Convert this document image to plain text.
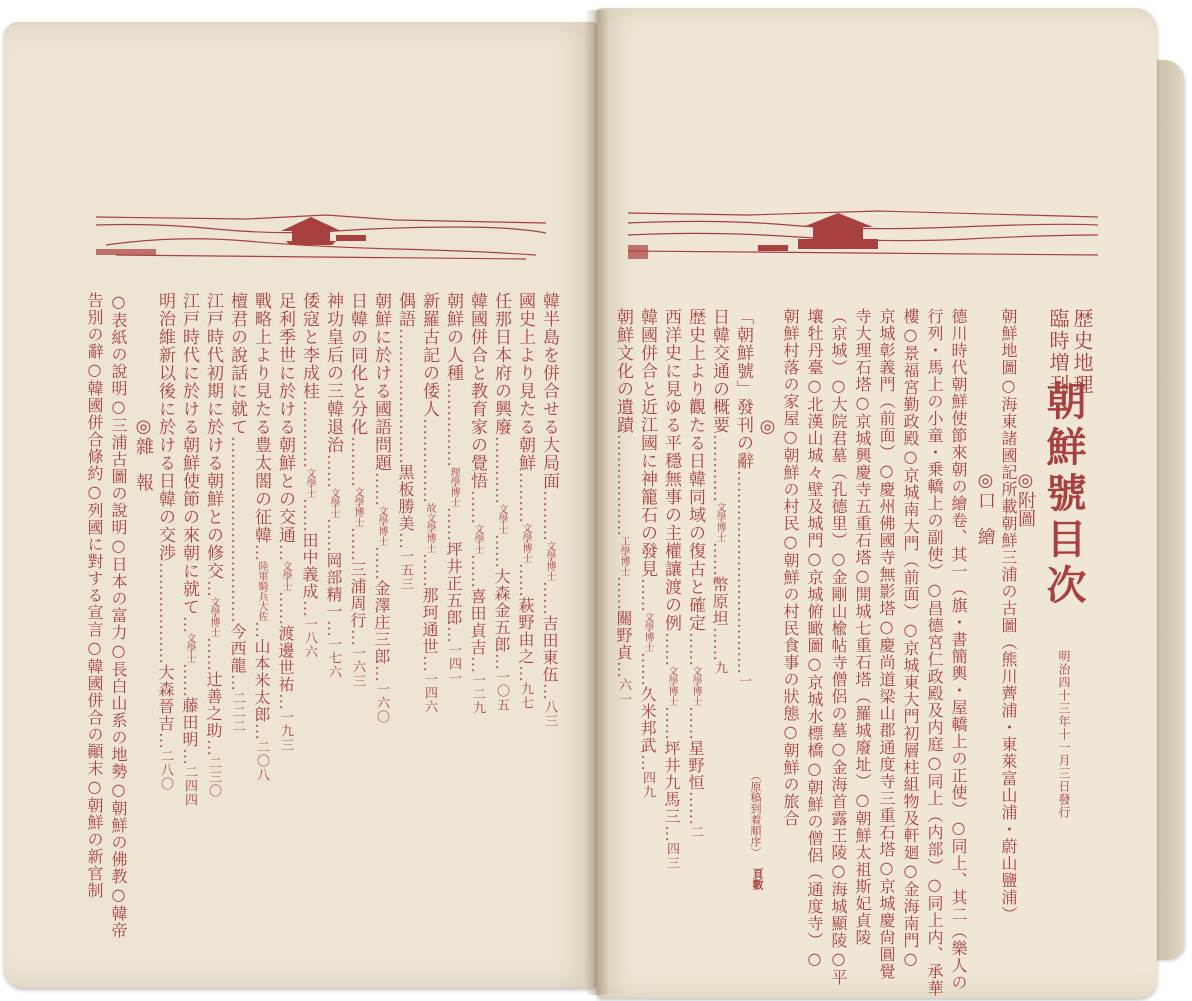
明治四十三年十一月三日發行
歴史地理
臨時増刊
朝鮮號目次
◎附圖
朝鮮地圖○海東諸國記所載朝鮮三浦の古圖（熊川薺浦・東萊富山浦・蔚山鹽浦）
◎口　繪
德川時代朝鮮使節來朝の繪卷、其一（旗・書簡輿・屋轎上の正使）○同上、其二（樂人の
行列・馬上の小童・乗轎上の副使）○昌德宮仁政殿及内庭○同上（内部）○同上内、承華
樓○景福宮勤政殿○京城南大門（前面）○京城東大門初層柱組物及軒廻○金海南門○
京城彰義門（前面）○慶州佛國寺無影塔○慶尚道梁山郡通度寺三重石塔○京城慶尙圓覺
寺大理石塔○京城興慶寺五重石塔○開城七重石塔（羅城廢址）○朝鮮太祖斯妃貞陵
（京城）○大院君墓（孔德里）○金剛山楡帖寺僧侶の墓○金海首露王陵○海城顯陵○平
壤牡丹臺○北漢山城々壁及城門○京城俯瞰圖○京城水標橋○朝鮮の僧侶（通度寺）○
朝鮮村落の家屋○朝鮮の村民○朝鮮の村民食事の狀態○朝鮮の旅合
◎
（原稿到着順序）
頁數
「朝鮮號」發刊の辭………………………………一
日韓交通の概要…………文學博士……幣原坦……九
歴史上より觀たる日韓同域の復古と確定……文學博士……星野恒……二
西洋史に見ゆる平穩無事の主權讓渡の例……文學博士……坪井九馬三…四三
韓國併合と近江國に神籠石の發見……文學博士……久米邦武…四九
朝鮮文化の遺蹟………………工學博士……關野貞…六一
韓半島を併合せる大局面………文學博士……吉田東伍…八三
國史上より見たる朝鮮………文學博士……萩野由之…九七
任那日本府の興廢…………文學士……大森金五郎…一〇五
韓國併合と教育家の覺悟……文學士……喜田貞吉…一二九
朝鮮の人種……………理學博士……坪井正五郎…一四一
新羅古記の倭人……………故文學博士……那珂通世…一四六
偶語……………………黒板勝美…一五三
朝鮮に於ける國語問題……文學博士……金澤庄三郎…一六〇
日韓の同化と分化………文學博士……三浦周行…一六三
神功皇后の三韓退治……文學士……岡部精一…一七六
倭寇と李成桂…………文學士……田中義成…一八六
足利季世に於ける朝鮮との交通…文學士……渡邊世祐…一九三
戰略上より見たる豊太閤の征韓…陸軍騎兵大佐…山本米太郎…二〇八
檀君の說話に就て……………………………今西龍…二二二
江戸時代初期に於ける朝鮮との修交…文學博士……辻善之助…二三〇
江戸時代に於ける朝鮮使節の來朝に就て…文學士……藤田明…二四四
明治維新以後に於ける日韓の交渉………………大森晉吉…二八〇
◎雜　報
○表紙の說明○三浦古圖の說明○日本の富力○長白山系の地勢○朝鮮の佛教○韓帝
告別の辭○韓國併合條約○列國に對する宣言○韓國併合の顚末○朝鮮の新官制
